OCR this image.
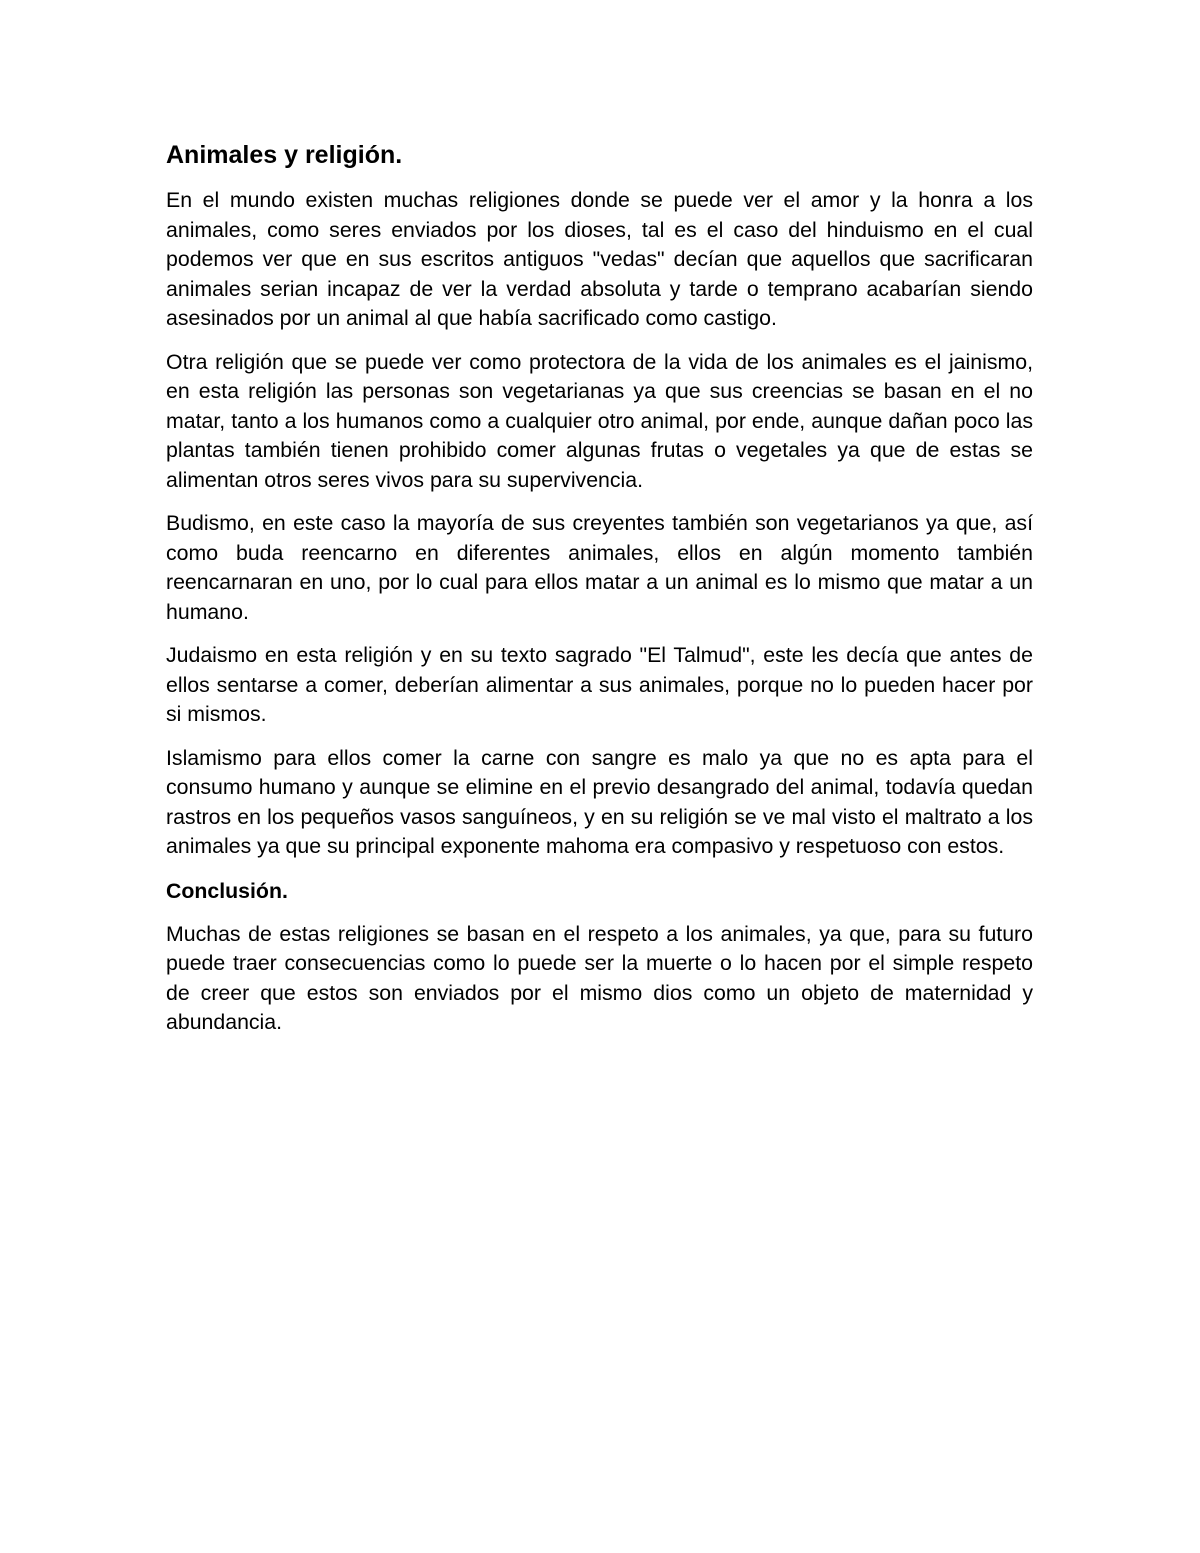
Animales y religión.

En el mundo existen muchas religiones donde se puede ver el amor y la honra a los animales, como seres enviados por los dioses, tal es el caso del hinduismo en el cual podemos ver que en sus escritos antiguos "vedas" decían que aquellos que sacrificaran animales serian incapaz de ver la verdad absoluta y tarde o temprano acabarían siendo asesinados por un animal al que había sacrificado como castigo.

Otra religión que se puede ver como protectora de la vida de los animales es el jainismo, en esta religión las personas son vegetarianas ya que sus creencias se basan en el no matar, tanto a los humanos como a cualquier otro animal, por ende, aunque dañan poco las plantas también tienen prohibido comer algunas frutas o vegetales ya que de estas se alimentan otros seres vivos para su supervivencia.

Budismo, en este caso la mayoría de sus creyentes también son vegetarianos ya que, así como buda reencarno en diferentes animales, ellos en algún momento también reencarnaran en uno, por lo cual para ellos matar a un animal es lo mismo que matar a un humano.

Judaismo en esta religión y en su texto sagrado "El Talmud", este les decía que antes de ellos sentarse a comer, deberían alimentar a sus animales, porque no lo pueden hacer por si mismos.

Islamismo para ellos comer la carne con sangre es malo ya que no es apta para el consumo humano y aunque se elimine en el previo desangrado del animal, todavía quedan rastros en los pequeños vasos sanguíneos, y en su religión se ve mal visto el maltrato a los animales ya que su principal exponente mahoma era compasivo y respetuoso con estos.

Conclusión.

Muchas de estas religiones se basan en el respeto a los animales, ya que, para su futuro puede traer consecuencias como lo puede ser la muerte o lo hacen por el simple respeto de creer que estos son enviados por el mismo dios como un objeto de maternidad y abundancia.
